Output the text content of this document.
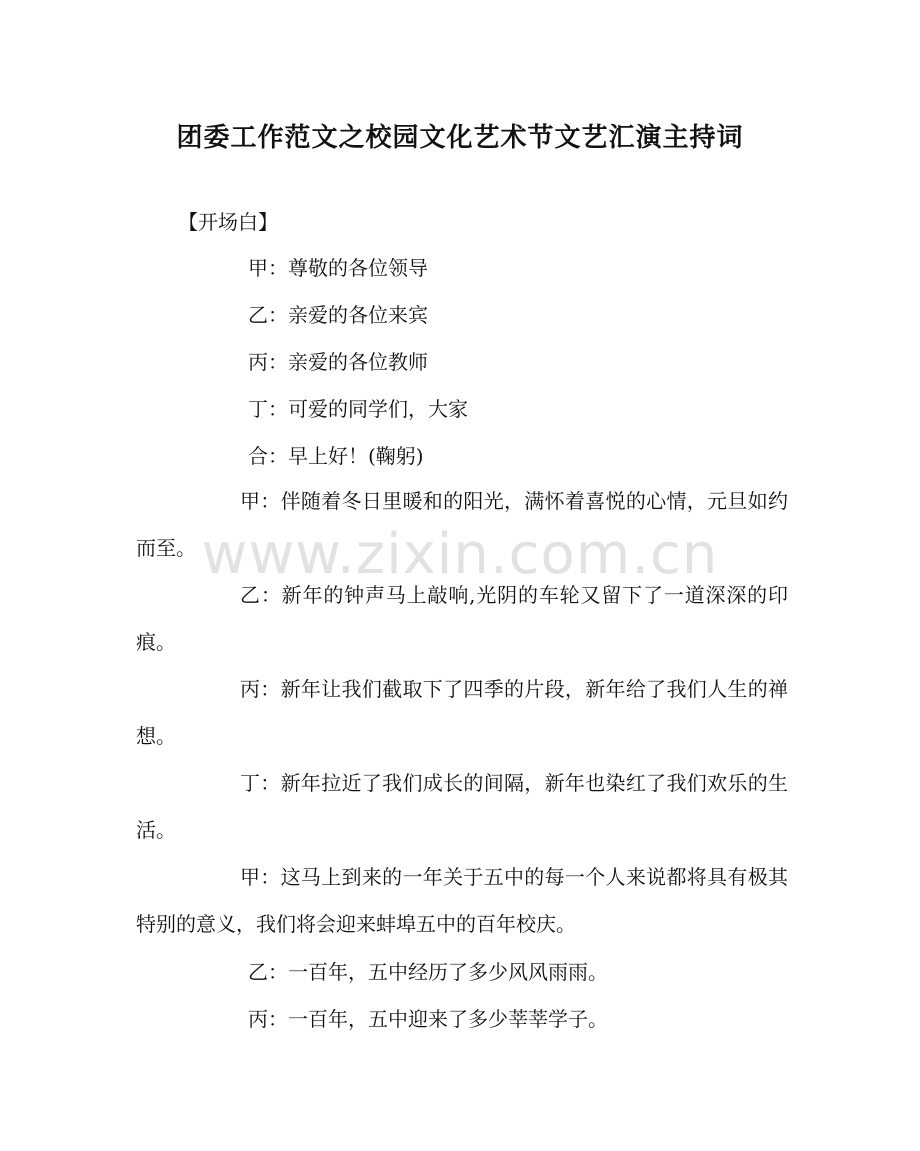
团委工作范文之校园文化艺术节文艺汇演主持词
【开场白】
甲：尊敬的各位领导
乙：亲爱的各位来宾
丙：亲爱的各位教师
丁：可爱的同学们，大家
合：早上好！(鞠躬)
甲：伴随着冬日里暖和的阳光，满怀着喜悦的心情，元旦如约而至。
乙：新年的钟声马上敲响,光阴的车轮又留下了一道深深的印痕。
丙：新年让我们截取下了四季的片段，新年给了我们人生的禅想。
丁：新年拉近了我们成长的间隔，新年也染红了我们欢乐的生活。
甲：这马上到来的一年关于五中的每一个人来说都将具有极其特别的意义，我们将会迎来蚌埠五中的百年校庆。
乙：一百年，五中经历了多少风风雨雨。
丙：一百年，五中迎来了多少莘莘学子。
www.zixin.com.cn
